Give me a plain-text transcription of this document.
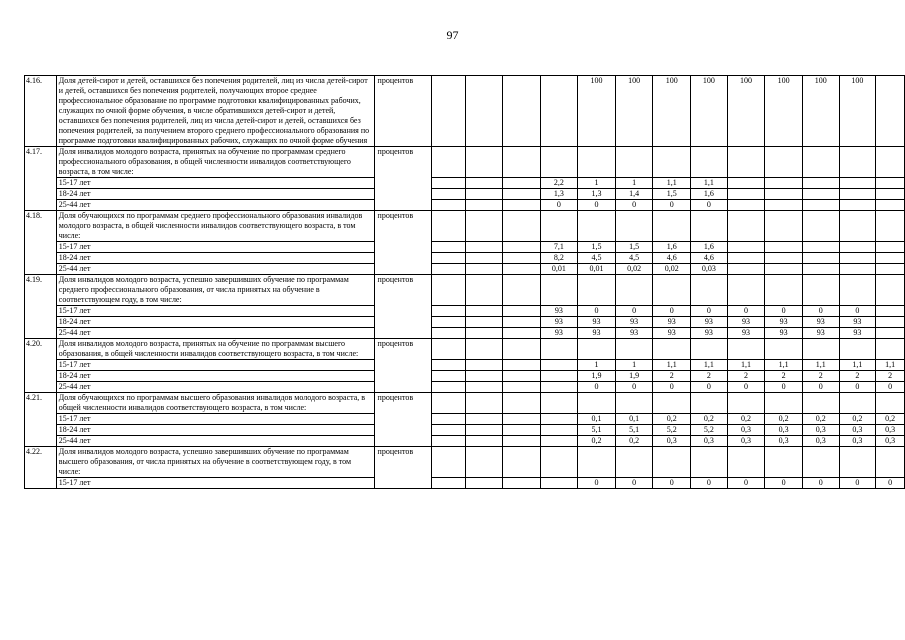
97
4.16.	Доля детей-сирот и детей, оставшихся без попечения родителей, лиц из числа детей-сирот и детей, оставшихся без попечения родителей, получающих второе среднее профессиональное образование по программе подготовки квалифицированных рабочих, служащих по очной форме обучения, в числе обратившихся детей-сирот и детей, оставшихся без попечения родителей, лиц из числа детей-сирот и детей, оставшихся без попечения родителей, за получением второго среднего профессионального образования по программе подготовки квалифицированных рабочих, служащих по очной форме обучения	процентов					100	100	100	100	100	100	100	100	
4.17.	Доля инвалидов молодого возраста, принятых на обучение по программам среднего профессионального образования, в общей численности инвалидов соответствующего возраста, в том числе:	процентов													
	15-17 лет					2,2	1	1	1,1	1,1					
	18-24 лет					1,3	1,3	1,4	1,5	1,6					
	25-44 лет					0	0	0	0	0					
4.18.	Доля обучающихся по программам среднего профессионального образования инвалидов молодого возраста, в общей численности инвалидов соответствующего возраста, в том числе:	процентов													
	15-17 лет					7,1	1,5	1,5	1,6	1,6					
	18-24 лет					8,2	4,5	4,5	4,6	4,6					
	25-44 лет					0,01	0,01	0,02	0,02	0,03					
4.19.	Доля инвалидов молодого возраста, успешно завершивших обучение по программам среднего профессионального образования, от числа принятых на обучение в соответствующем году, в том числе:	процентов													
	15-17 лет					93	0	0	0	0	0	0	0	0	
	18-24 лет					93	93	93	93	93	93	93	93	93	
	25-44 лет					93	93	93	93	93	93	93	93	93	
4.20.	Доля инвалидов молодого возраста, принятых на обучение по программам высшего образования, в общей численности инвалидов соответствующего возраста, в том числе:	процентов													
	15-17 лет						1	1	1,1	1,1	1,1	1,1	1,1	1,1	1,1
	18-24 лет						1,9	1,9	2	2	2	2	2	2	2
	25-44 лет						0	0	0	0	0	0	0	0	0
4.21.	Доля обучающихся по программам высшего образования инвалидов молодого возраста, в общей численности инвалидов соответствующего возраста, в том числе:	процентов													
	15-17 лет						0,1	0,1	0,2	0,2	0,2	0,2	0,2	0,2	0,2
	18-24 лет						5,1	5,1	5,2	5,2	0,3	0,3	0,3	0,3	0,3
	25-44 лет						0,2	0,2	0,3	0,3	0,3	0,3	0,3	0,3	0,3
4.22.	Доля инвалидов молодого возраста, успешно завершивших обучение по программам высшего образования, от числа принятых на обучение в соответствующем году, в том числе:	процентов													
	15-17 лет						0	0	0	0	0	0	0	0	0
